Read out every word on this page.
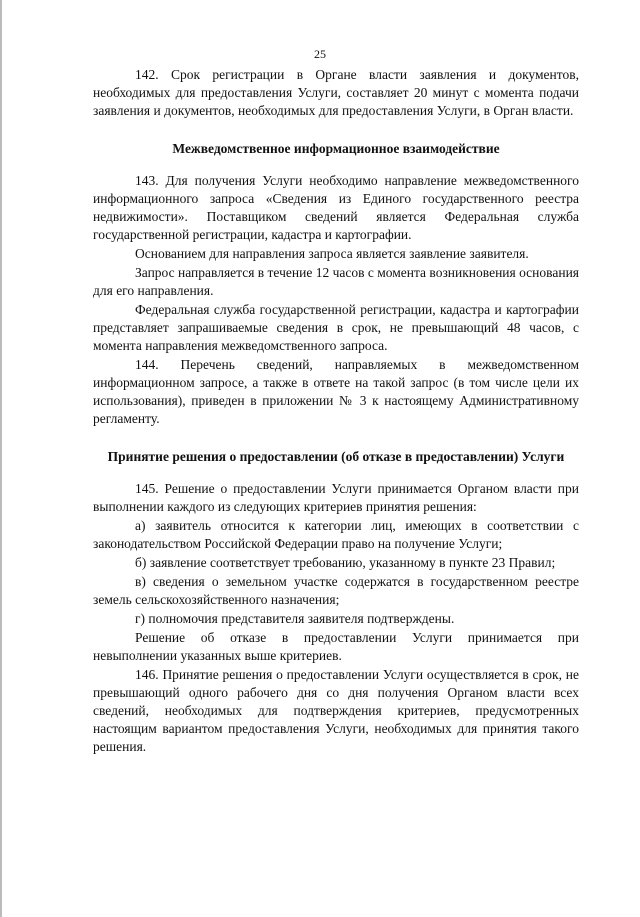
25

142. Срок регистрации в Органе власти заявления и документов, необходимых для предоставления Услуги, составляет 20 минут с момента подачи заявления и документов, необходимых для предоставления Услуги, в Орган власти.

Межведомственное информационное взаимодействие

143. Для получения Услуги необходимо направление межведомственного информационного запроса «Сведения из Единого государственного реестра недвижимости». Поставщиком сведений является Федеральная служба государственной регистрации, кадастра и картографии.

Основанием для направления запроса является заявление заявителя.

Запрос направляется в течение 12 часов с момента возникновения основания для его направления.

Федеральная служба государственной регистрации, кадастра и картографии представляет запрашиваемые сведения в срок, не превышающий 48 часов, с момента направления межведомственного запроса.

144. Перечень сведений, направляемых в межведомственном информационном запросе, а также в ответе на такой запрос (в том числе цели их использования), приведен в приложении № 3 к настоящему Административному регламенту.

Принятие решения о предоставлении (об отказе в предоставлении) Услуги

145. Решение о предоставлении Услуги принимается Органом власти при выполнении каждого из следующих критериев принятия решения:

а) заявитель относится к категории лиц, имеющих в соответствии с законодательством Российской Федерации право на получение Услуги;

б) заявление соответствует требованию, указанному в пункте 23 Правил;

в) сведения о земельном участке содержатся в государственном реестре земель сельскохозяйственного назначения;

г) полномочия представителя заявителя подтверждены.

Решение об отказе в предоставлении Услуги принимается при невыполнении указанных выше критериев.

146. Принятие решения о предоставлении Услуги осуществляется в срок, не превышающий одного рабочего дня со дня получения Органом власти всех сведений, необходимых для подтверждения критериев, предусмотренных настоящим вариантом предоставления Услуги, необходимых для принятия такого решения.
